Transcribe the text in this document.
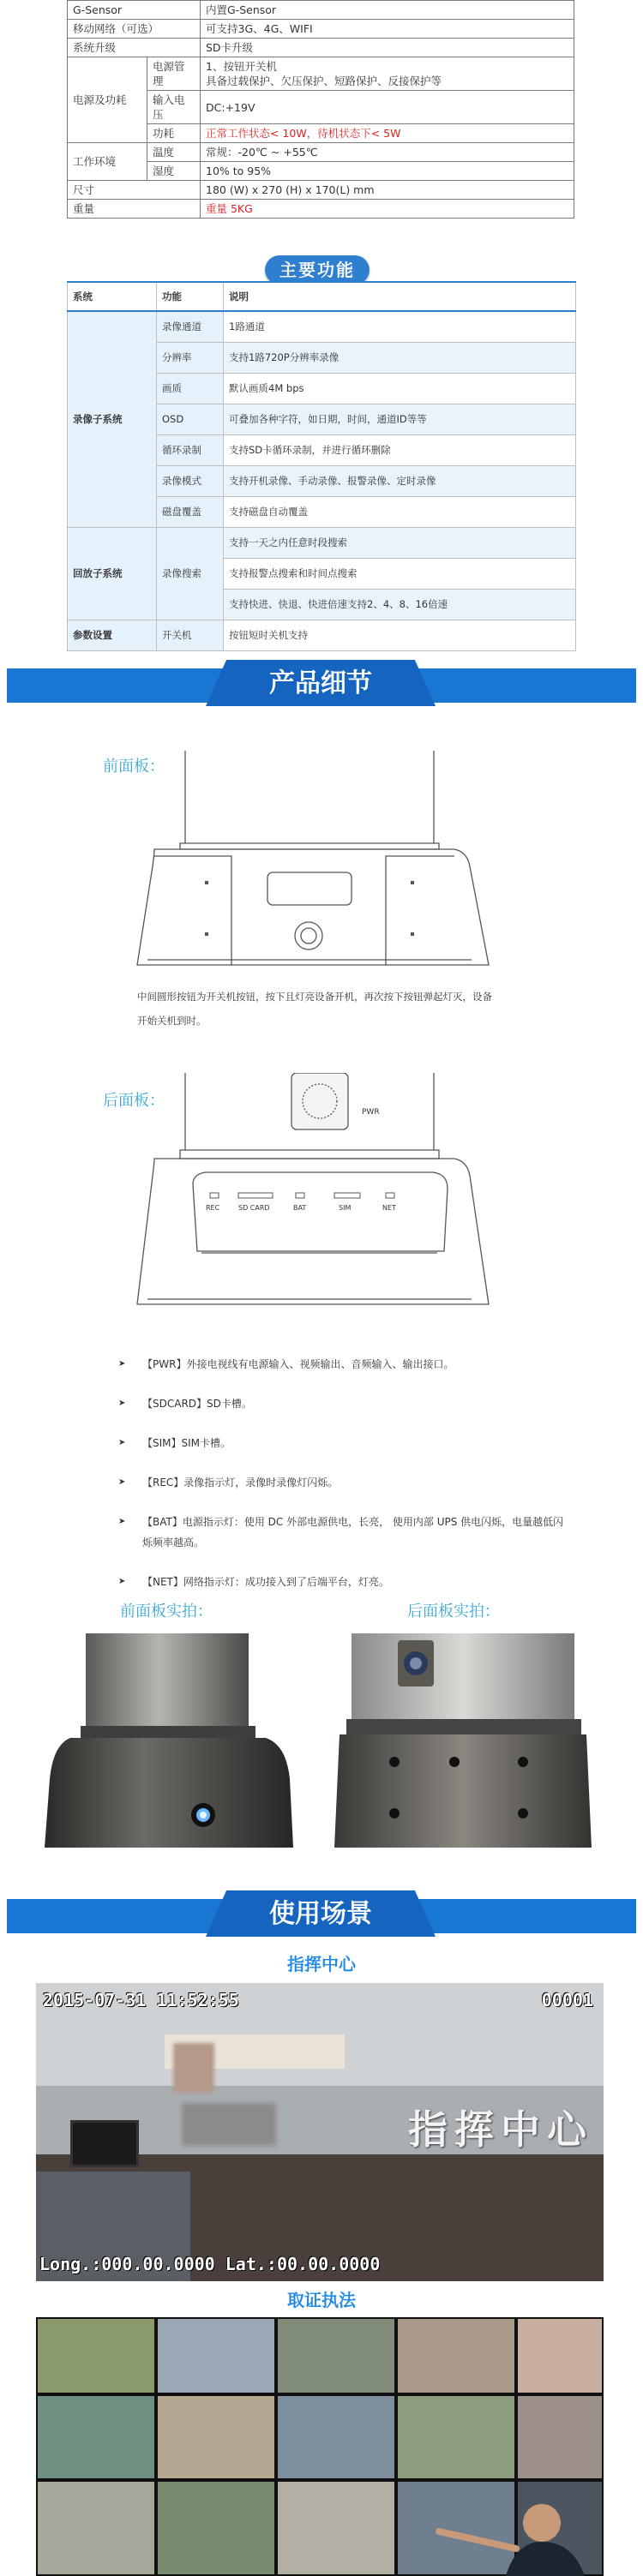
G-Sensor		内置G-Sensor
移动网络（可选）		可支持3G、4G、WIFI
系统升级		SD卡升级
电源及功耗	电源管理	1、按钮开关机
具备过载保护、欠压保护、短路保护、反接保护等
	输入电压	DC:+19V
	功耗	正常工作状态< 10W，待机状态下< 5W
工作环境	温度	常规：-20℃ ~ +55℃
	湿度	10% to 95%
尺寸		180 (W) x 270 (H) x 170(L) mm
重量		重量 5KG
主要功能
系统	功能	说明
录像子系统	录像通道	1路通道
	分辨率	支持1路720P分辨率录像
	画质	默认画质4M bps
	OSD	可叠加各种字符，如日期，时间，通道ID等等
	循环录制	支持SD卡循环录制，并进行循环删除
	录像模式	支持开机录像、手动录像、报警录像、定时录像
	磁盘覆盖	支持磁盘自动覆盖
回放子系统	录像搜索	支持一天之内任意时段搜索
		支持报警点搜索和时间点搜索
		支持快进、快退、快进倍速支持2、4、8、16倍速
参数设置	开关机	按钮短时关机支持
产品细节
前面板：
中间圆形按钮为开关机按钮，按下且灯亮设备开机，再次按下按钮弹起灯灭，设备
开始关机到时。
后面板：
PWR
REC	SD CARD	BAT	SIM	NET
➤ 【PWR】外接电视线有电源输入、视频输出、音频输入、输出接口。
➤ 【SDCARD】SD卡槽。
➤ 【SIM】SIM卡槽。
➤ 【REC】录像指示灯，录像时录像灯闪烁。
➤ 【BAT】电源指示灯：使用 DC 外部电源供电，长亮， 使用内部 UPS 供电闪烁，电量越低闪烁频率越高。
➤ 【NET】网络指示灯：成功接入到了后端平台，灯亮。
前面板实拍：	后面板实拍：
使用场景
指挥中心
指挥中心
2015-07-31 11:52:55	00001
Long.:000.00.0000 Lat.:00.00.0000
取证执法
